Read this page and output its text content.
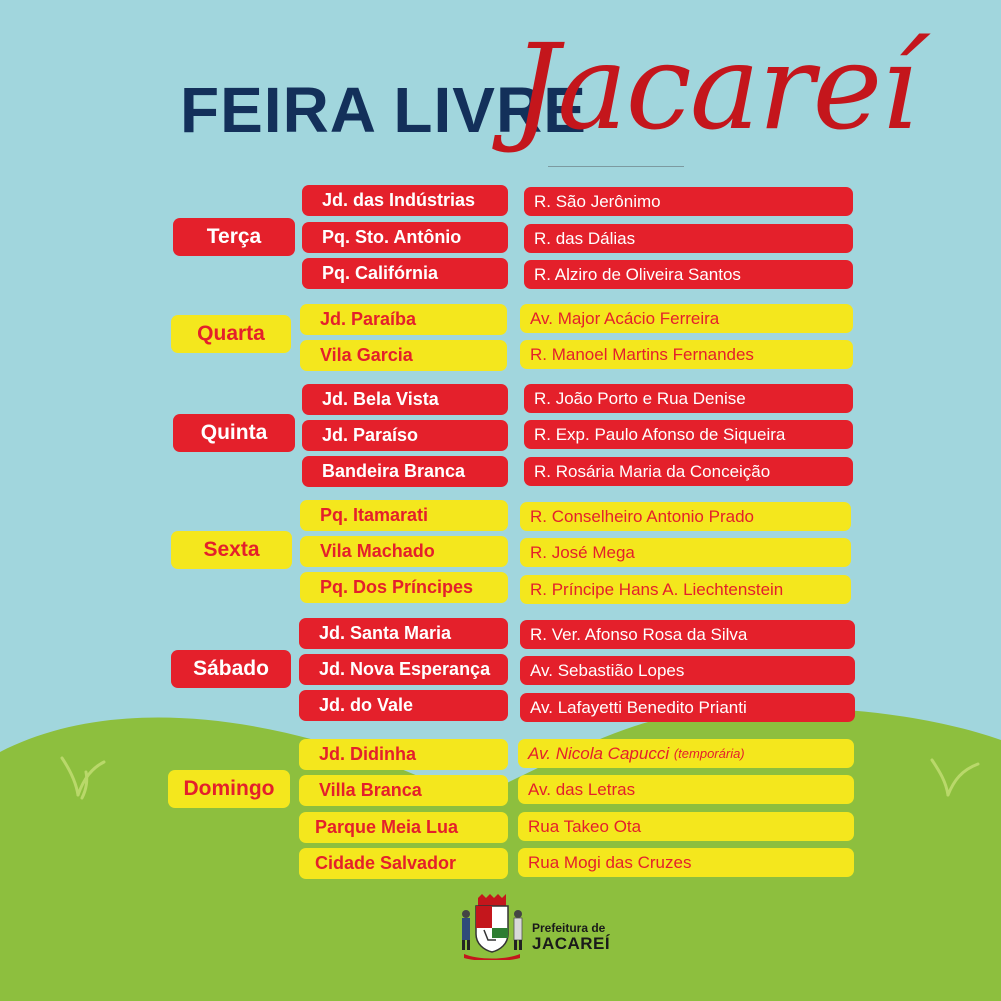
FEIRA LIVRE
Jacareí
Terça
Jd. das Indústrias	R. São Jerônimo
Pq. Sto. Antônio	R. das Dálias
Pq. Califórnia	R. Alziro de Oliveira Santos
Quarta
Jd. Paraíba	Av. Major Acácio Ferreira
Vila Garcia	R. Manoel Martins Fernandes
Quinta
Jd. Bela Vista	R. João Porto e Rua Denise
Jd. Paraíso	R. Exp. Paulo Afonso de Siqueira
Bandeira Branca	R. Rosária Maria da Conceição
Sexta
Pq. Itamarati	R. Conselheiro Antonio Prado
Vila Machado	R. José Mega
Pq. Dos Príncipes	R. Príncipe Hans A. Liechtenstein
Sábado
Jd. Santa Maria	R. Ver. Afonso Rosa da Silva
Jd. Nova Esperança	Av. Sebastião Lopes
Jd. do Vale	Av. Lafayetti Benedito Prianti
Domingo
Jd. Didinha	Av. Nicola Capucci
(temporária)
Villa Branca	Av. das Letras
Parque Meia Lua	Rua Takeo Ota
Cidade Salvador	Rua Mogi das Cruzes
Prefeitura de
JACAREÍ
